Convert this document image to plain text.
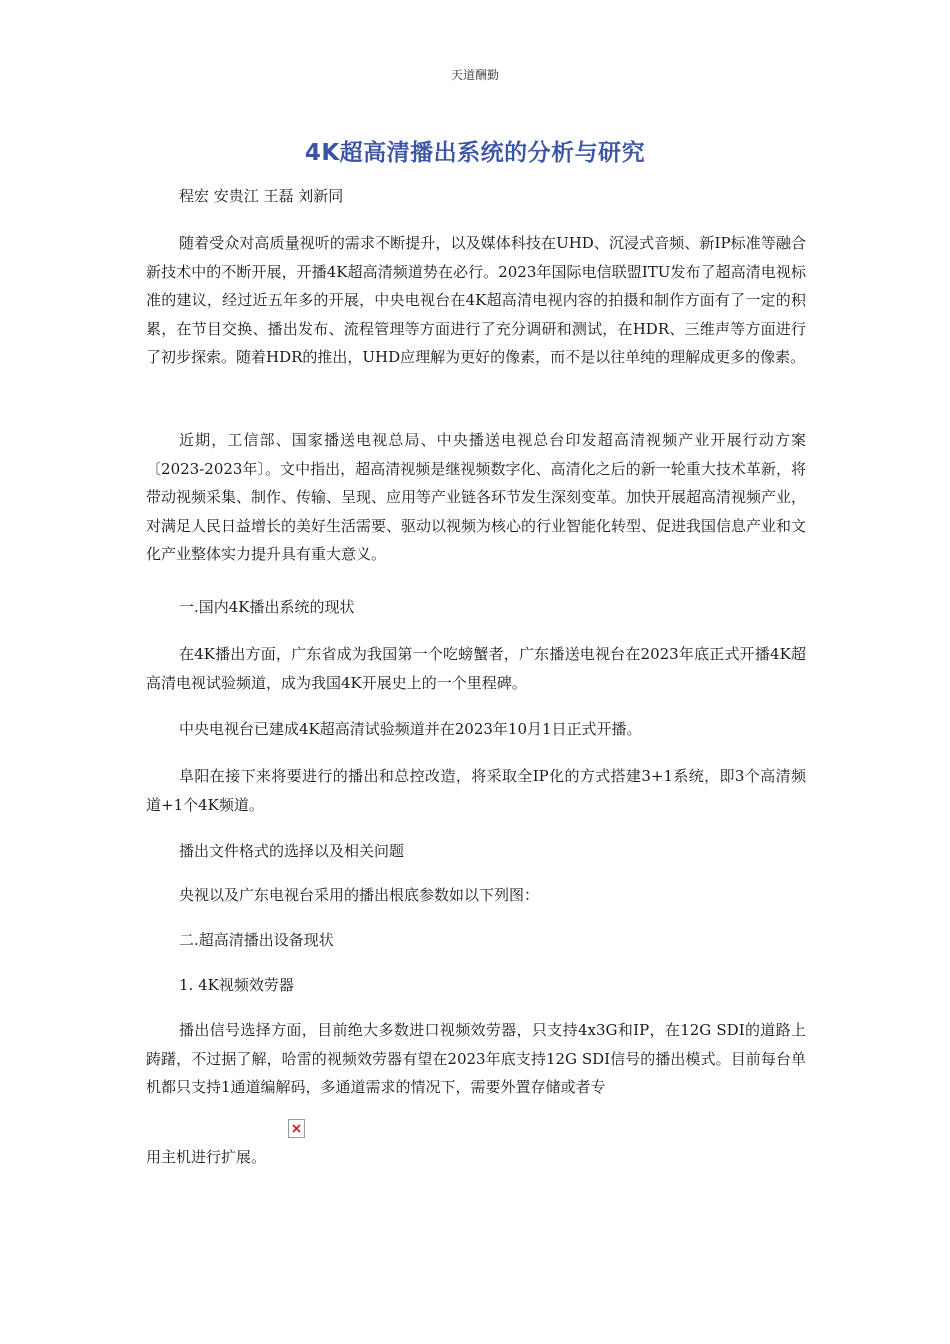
天道酬勤
4K超高清播出系统的分析与研究
程宏 安贵江 王磊 刘新同

随着受众对高质量视听的需求不断提升，以及媒体科技在UHD、沉浸式音频、新IP标准等融合新技术中的不断开展，开播4K超高清频道势在必行。2023年国际电信联盟ITU发布了超高清电视标准的建议，经过近五年多的开展，中央电视台在4K超高清电视内容的拍摄和制作方面有了一定的积累，在节目交换、播出发布、流程管理等方面进行了充分调研和测试，在HDR、三维声等方面进行了初步探索。随着HDR的推出，UHD应理解为更好的像素，而不是以往单纯的理解成更多的像素。

近期，工信部、国家播送电视总局、中央播送电视总台印发超高清视频产业开展行动方案〔2023-2023年〕。文中指出，超高清视频是继视频数字化、高清化之后的新一轮重大技术革新，将带动视频采集、制作、传输、呈现、应用等产业链各环节发生深刻变革。加快开展超高清视频产业，对满足人民日益增长的美好生活需要、驱动以视频为核心的行业智能化转型、促进我国信息产业和文化产业整体实力提升具有重大意义。

一.国内4K播出系统的现状

在4K播出方面，广东省成为我国第一个吃螃蟹者，广东播送电视台在2023年底正式开播4K超高清电视试验频道，成为我国4K开展史上的一个里程碑。

中央电视台已建成4K超高清试验频道并在2023年10月1日正式开播。

阜阳在接下来将要进行的播出和总控改造，将采取全IP化的方式搭建3+1系统，即3个高清频道+1个4K频道。

播出文件格式的选择以及相关问题
央视以及广东电视台采用的播出根底参数如以下列图：
二.超高清播出设备现状
1. 4K视频效劳器

播出信号选择方面，目前绝大多数进口视频效劳器，只支持4x3G和IP，在12G SDI的道路上踌躇，不过据了解，哈雷的视频效劳器有望在2023年底支持12G SDI信号的播出模式。目前每台单机都只支持1通道编解码，多通道需求的情况下，需要外置存储或者专

用主机进行扩展。
